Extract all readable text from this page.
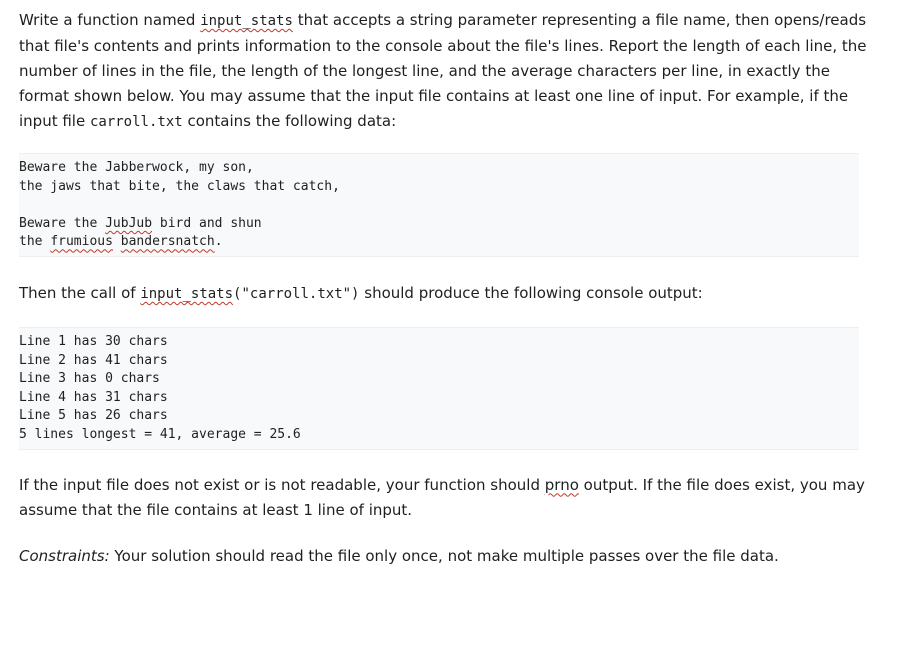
Write a function named input_stats that accepts a string parameter representing a file name, then opens/reads that file's contents and prints information to the console about the file's lines. Report the length of each line, the number of lines in the file, the length of the longest line, and the average characters per line, in exactly the format shown below. You may assume that the input file contains at least one line of input. For example, if the input file carroll.txt contains the following data:

Beware the Jabberwock, my son,
the jaws that bite, the claws that catch,
Beware the JubJub bird and shun
the frumious bandersnatch.

Then the call of input_stats("carroll.txt") should produce the following console output:

Line 1 has 30 chars
Line 2 has 41 chars
Line 3 has 0 chars
Line 4 has 31 chars
Line 5 has 26 chars
5 lines longest = 41, average = 25.6

If the input file does not exist or is not readable, your function should prno output. If the file does exist, you may assume that the file contains at least 1 line of input.

Constraints: Your solution should read the file only once, not make multiple passes over the file data.
